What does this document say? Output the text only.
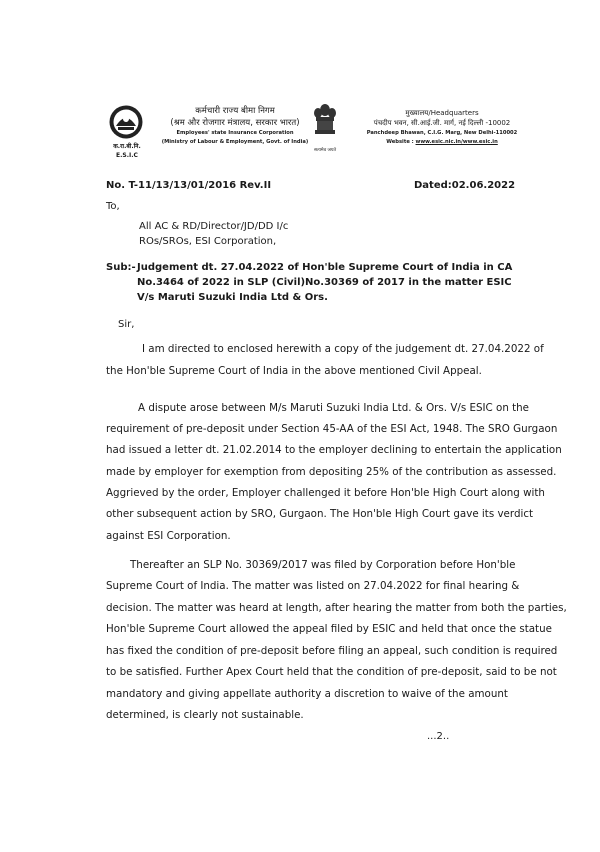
क.रा.बी.नि.
E.S.I.C
कर्मचारी राज्य बीमा निगम
(श्रम और रोजगार मंत्रालय, सरकार भारत)
Employees' state Insurance Corporation
(Ministry of Labour & Employment, Govt. of India)
सत्यमेव जयते
मुख्यालय/Headquarters
पंचदीप भवन, सी.आई.जी. मार्ग, नई दिल्ली -10002
Panchdeep Bhawan, C.I.G. Marg, New Delhi-110002
Website : www.esic.nic.in/www.esic.in
No. T-11/13/13/01/2016 Rev.II	Dated:02.06.2022
To,
All AC & RD/Director/JD/DD I/c
ROs/SROs, ESI Corporation,
Sub:- Judgement dt. 27.04.2022 of Hon'ble Supreme Court of India in CA
No.3464 of 2022 in SLP (Civil)No.30369 of 2017 in the matter ESIC
V/s Maruti Suzuki India Ltd & Ors.
Sir,
I am directed to enclosed herewith a copy of the judgement dt. 27.04.2022 of
the Hon'ble Supreme Court of India in the above mentioned Civil Appeal.
A dispute arose between M/s Maruti Suzuki India Ltd. & Ors. V/s ESIC on the
requirement of pre-deposit under Section 45-AA of the ESI Act, 1948. The SRO Gurgaon
had issued a letter dt. 21.02.2014 to the employer declining to entertain the application
made by employer for exemption from depositing 25% of the contribution as assessed.
Aggrieved by the order, Employer challenged it before Hon'ble High Court along with
other subsequent action by SRO, Gurgaon. The Hon'ble High Court gave its verdict
against ESI Corporation.
Thereafter an SLP No. 30369/2017 was filed by Corporation before Hon'ble
Supreme Court of India. The matter was listed on 27.04.2022 for final hearing &
decision. The matter was heard at length, after hearing the matter from both the parties,
Hon'ble Supreme Court allowed the appeal filed by ESIC and held that once the statue
has fixed the condition of pre-deposit before filing an appeal, such condition is required
to be satisfied. Further Apex Court held that the condition of pre-deposit, said to be not
mandatory and giving appellate authority a discretion to waive of the amount
determined, is clearly not sustainable.
...2..
